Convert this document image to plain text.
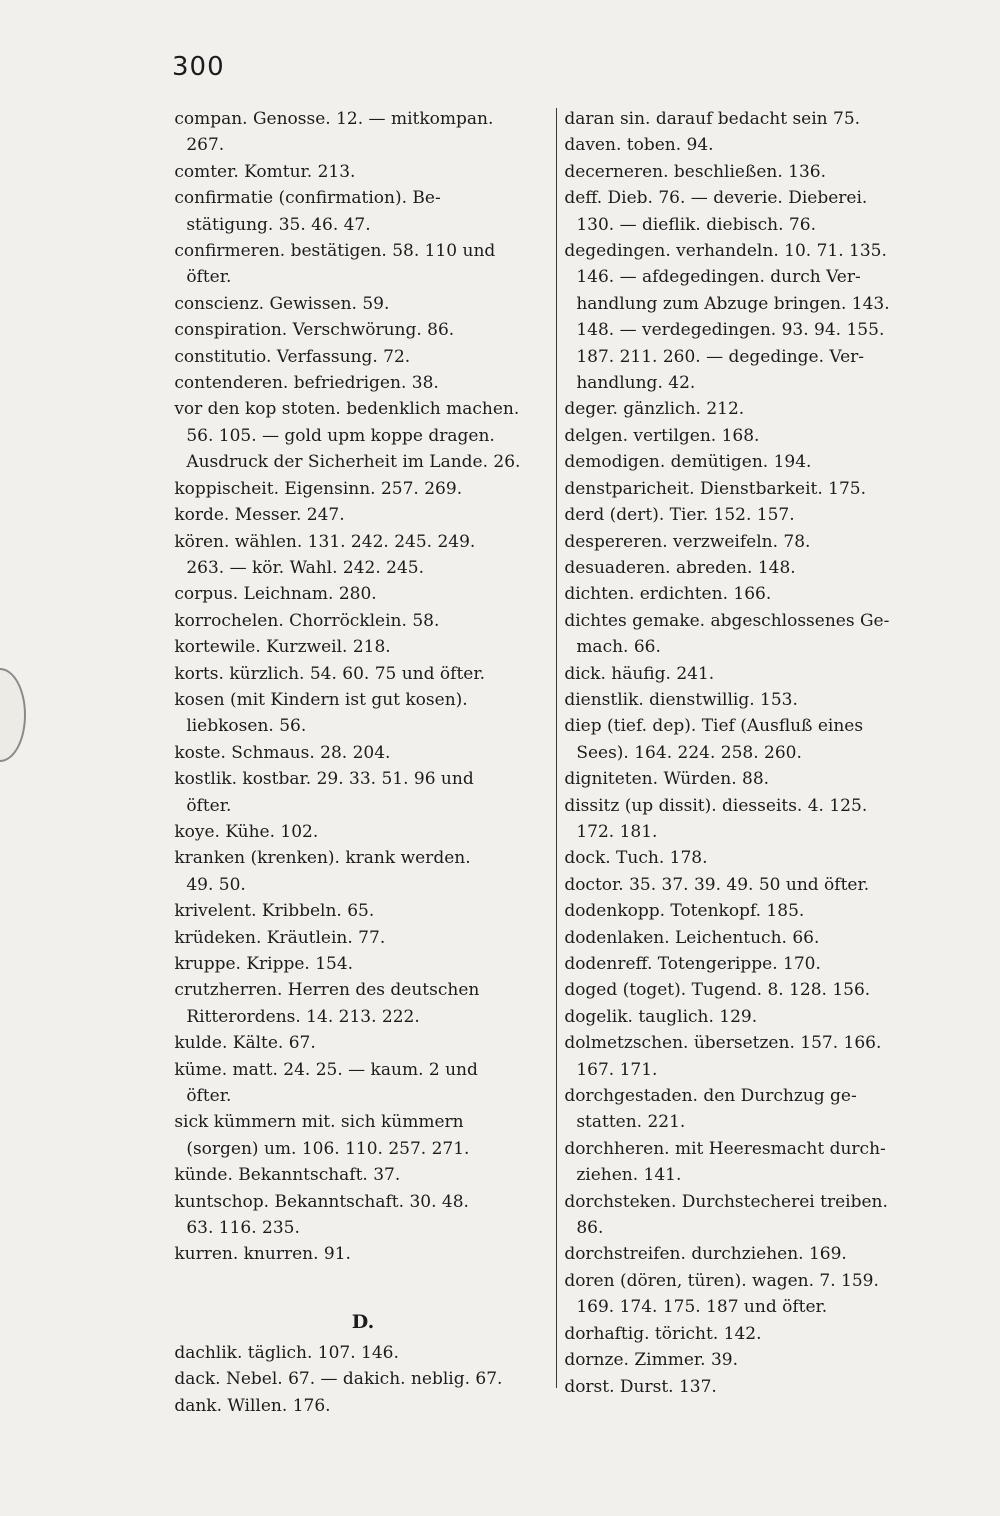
300
compan. Genosse. 12. — mitkompan.
267.
comter. Komtur. 213.
confirmatie (confirmation). Be-
stätigung. 35. 46. 47.
confirmeren. bestätigen. 58. 110 und
öfter.
conscienz. Gewissen. 59.
conspiration. Verschwörung. 86.
constitutio. Verfassung. 72.
contenderen. befriedrigen. 38.
vor den kop stoten. bedenklich machen.
56. 105. — gold upm koppe dragen.
Ausdruck der Sicherheit im Lande. 26.
koppischeit. Eigensinn. 257. 269.
korde. Messer. 247.
kören. wählen. 131. 242. 245. 249.
263. — kör. Wahl. 242. 245.
corpus. Leichnam. 280.
korrochelen. Chorröcklein. 58.
kortewile. Kurzweil. 218.
korts. kürzlich. 54. 60. 75 und öfter.
kosen (mit Kindern ist gut kosen).
liebkosen. 56.
koste. Schmaus. 28. 204.
kostlik. kostbar. 29. 33. 51. 96 und
öfter.
koye. Kühe. 102.
kranken (krenken). krank werden.
49. 50.
krivelent. Kribbeln. 65.
krüdeken. Kräutlein. 77.
kruppe. Krippe. 154.
crutzherren. Herren des deutschen
Ritterordens. 14. 213. 222.
kulde. Kälte. 67.
küme. matt. 24. 25. — kaum. 2 und
öfter.
sick kümmern mit. sich kümmern
(sorgen) um. 106. 110. 257. 271.
künde. Bekanntschaft. 37.
kuntschop. Bekanntschaft. 30. 48.
63. 116. 235.
kurren. knurren. 91.
D.
dachlik. täglich. 107. 146.
dack. Nebel. 67. — dakich. neblig. 67.
dank. Willen. 176.
daran sin. darauf bedacht sein 75.
daven. toben. 94.
decerneren. beschließen. 136.
deff. Dieb. 76. — deverie. Dieberei.
130. — dieflik. diebisch. 76.
degedingen. verhandeln. 10. 71. 135.
146. — afdegedingen. durch Ver-
handlung zum Abzuge bringen. 143.
148. — verdegedingen. 93. 94. 155.
187. 211. 260. — degedinge. Ver-
handlung. 42.
deger. gänzlich. 212.
delgen. vertilgen. 168.
demodigen. demütigen. 194.
denstparicheit. Dienstbarkeit. 175.
derd (dert). Tier. 152. 157.
despereren. verzweifeln. 78.
desuaderen. abreden. 148.
dichten. erdichten. 166.
dichtes gemake. abgeschlossenes Ge-
mach. 66.
dick. häufig. 241.
dienstlik. dienstwillig. 153.
diep (tief. dep). Tief (Ausfluß eines
Sees). 164. 224. 258. 260.
digniteten. Würden. 88.
dissitz (up dissit). diesseits. 4. 125.
172. 181.
dock. Tuch. 178.
doctor. 35. 37. 39. 49. 50 und öfter.
dodenkopp. Totenkopf. 185.
dodenlaken. Leichentuch. 66.
dodenreff. Totengerippe. 170.
doged (toget). Tugend. 8. 128. 156.
dogelik. tauglich. 129.
dolmetzschen. übersetzen. 157. 166.
167. 171.
dorchgestaden. den Durchzug ge-
statten. 221.
dorchheren. mit Heeresmacht durch-
ziehen. 141.
dorchsteken. Durchstecherei treiben.
86.
dorchstreifen. durchziehen. 169.
doren (dören, türen). wagen. 7. 159.
169. 174. 175. 187 und öfter.
dorhaftig. töricht. 142.
dornze. Zimmer. 39.
dorst. Durst. 137.
